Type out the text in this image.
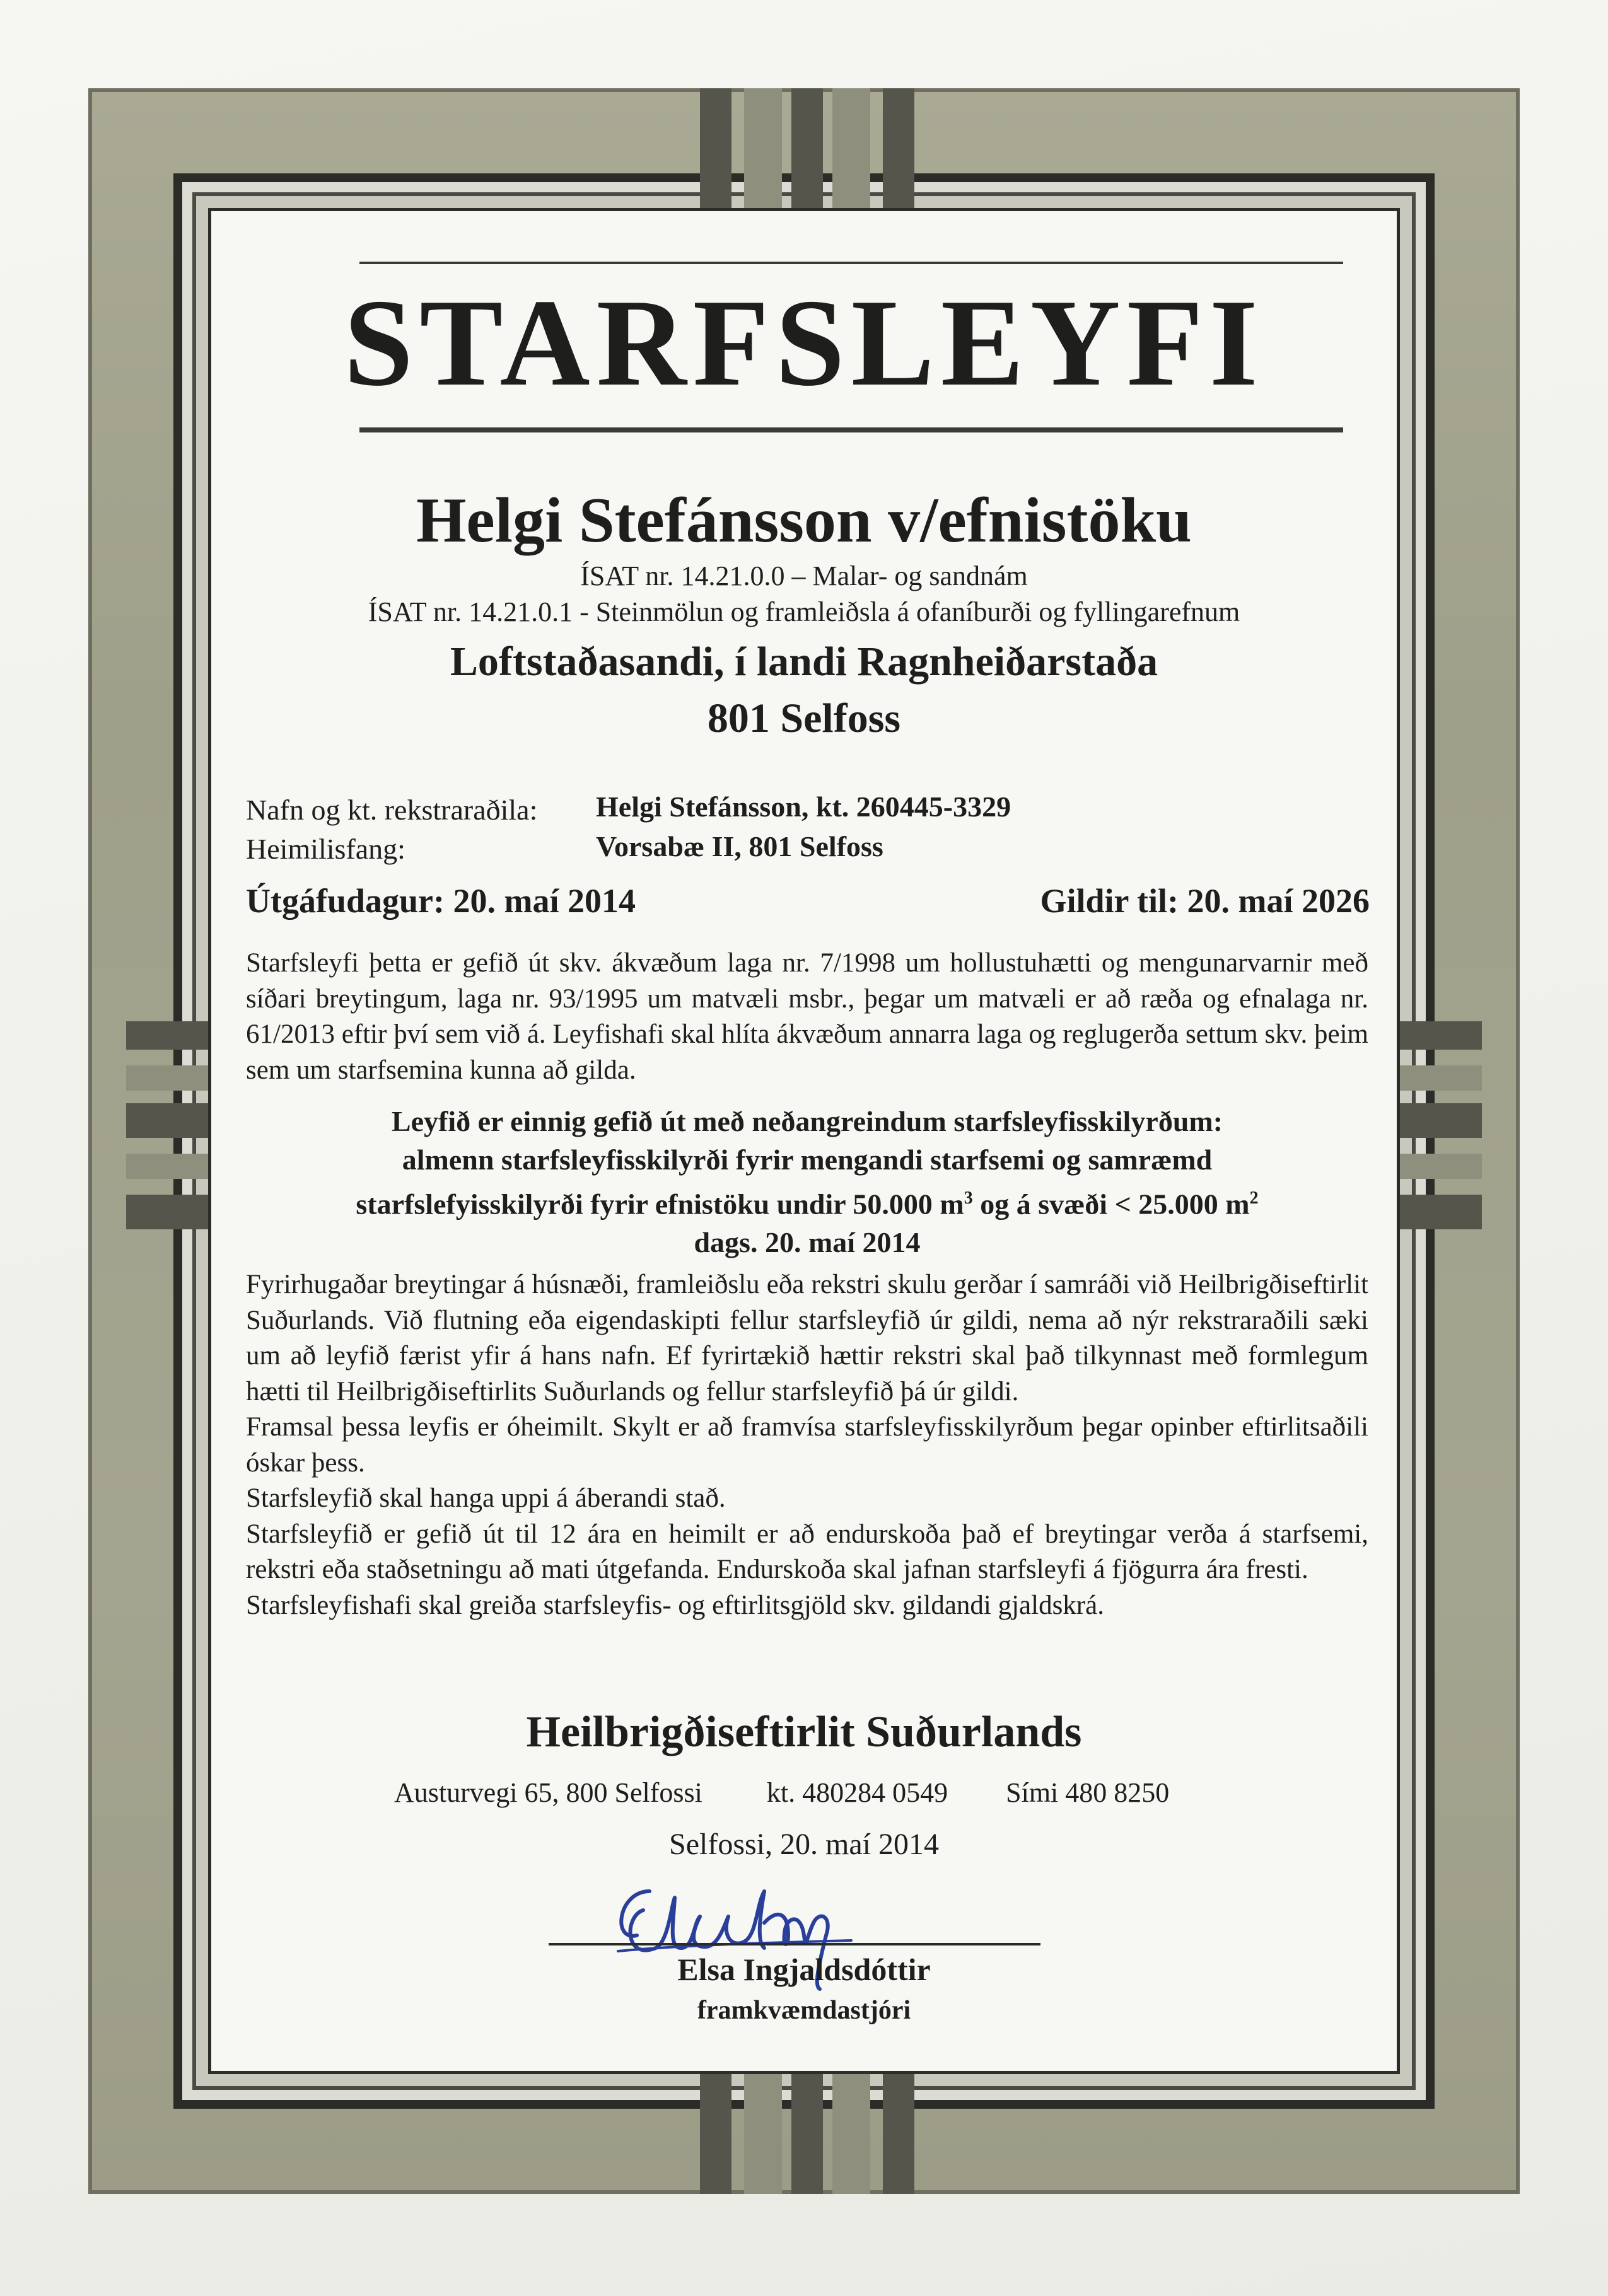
STARFSLEYFI
Helgi Stefánsson v/efnistöku
ÍSAT nr. 14.21.0.0 – Malar- og sandnám
ÍSAT nr. 14.21.0.1 - Steinmölun og framleiðsla á ofaníburði og fyllingarefnum
Loftstaðasandi, í landi Ragnheiðarstaða
801 Selfoss
Nafn og kt. rekstraraðila: Helgi Stefánsson, kt. 260445-3329
Heimilisfang:	Vorsabæ II, 801 Selfoss
Útgáfudagur: 20. maí 2014	Gildir til: 20. maí 2026

Starfsleyfi þetta er gefið út skv. ákvæðum laga nr. 7/1998 um hollustuhætti og mengunarvarnir með síðari breytingum, laga nr. 93/1995 um matvæli msbr., þegar um matvæli er að ræða og efnalaga nr. 61/2013 eftir því sem við á. Leyfishafi skal hlíta ákvæðum annarra laga og reglugerða settum skv. þeim sem um starfsemina kunna að gilda.

Leyfið er einnig gefið út með neðangreindum starfsleyfisskilyrðum:
almenn starfsleyfisskilyrði fyrir mengandi starfsemi og samræmd
starfslefyisskilyrði fyrir efnistöku undir 50.000 $m^3$ og á svæði < 25.000 $m^2$
dags. 20. maí 2014

Fyrirhugaðar breytingar á húsnæði, framleiðslu eða rekstri skulu gerðar í samráði við Heilbrigðiseftirlit Suðurlands. Við flutning eða eigendaskipti fellur starfsleyfið úr gildi, nema að nýr rekstraraðili sæki um að leyfið færist yfir á hans nafn. Ef fyrirtækið hættir rekstri skal það tilkynnast með formlegum hætti til Heilbrigðiseftirlits Suðurlands og fellur starfsleyfið þá úr gildi.

Framsal þessa leyfis er óheimilt. Skylt er að framvísa starfsleyfisskilyrðum þegar opinber eftirlitsaðili óskar þess.

Starfsleyfið skal hanga uppi á áberandi stað.

Starfsleyfið er gefið út til 12 ára en heimilt er að endurskoða það ef breytingar verða á starfsemi, rekstri eða staðsetningu að mati útgefanda. Endurskoða skal jafnan starfsleyfi á fjögurra ára fresti.

Starfsleyfishafi skal greiða starfsleyfis- og eftirlitsgjöld skv. gildandi gjaldskrá.

Heilbrigðiseftirlit Suðurlands
Austurvegi 65, 800 Selfossi kt. 480284 0549 Sími 480 8250
Selfossi, 20. maí 2014
Elsa Ingjaldsdóttir
framkvæmdastjóri
